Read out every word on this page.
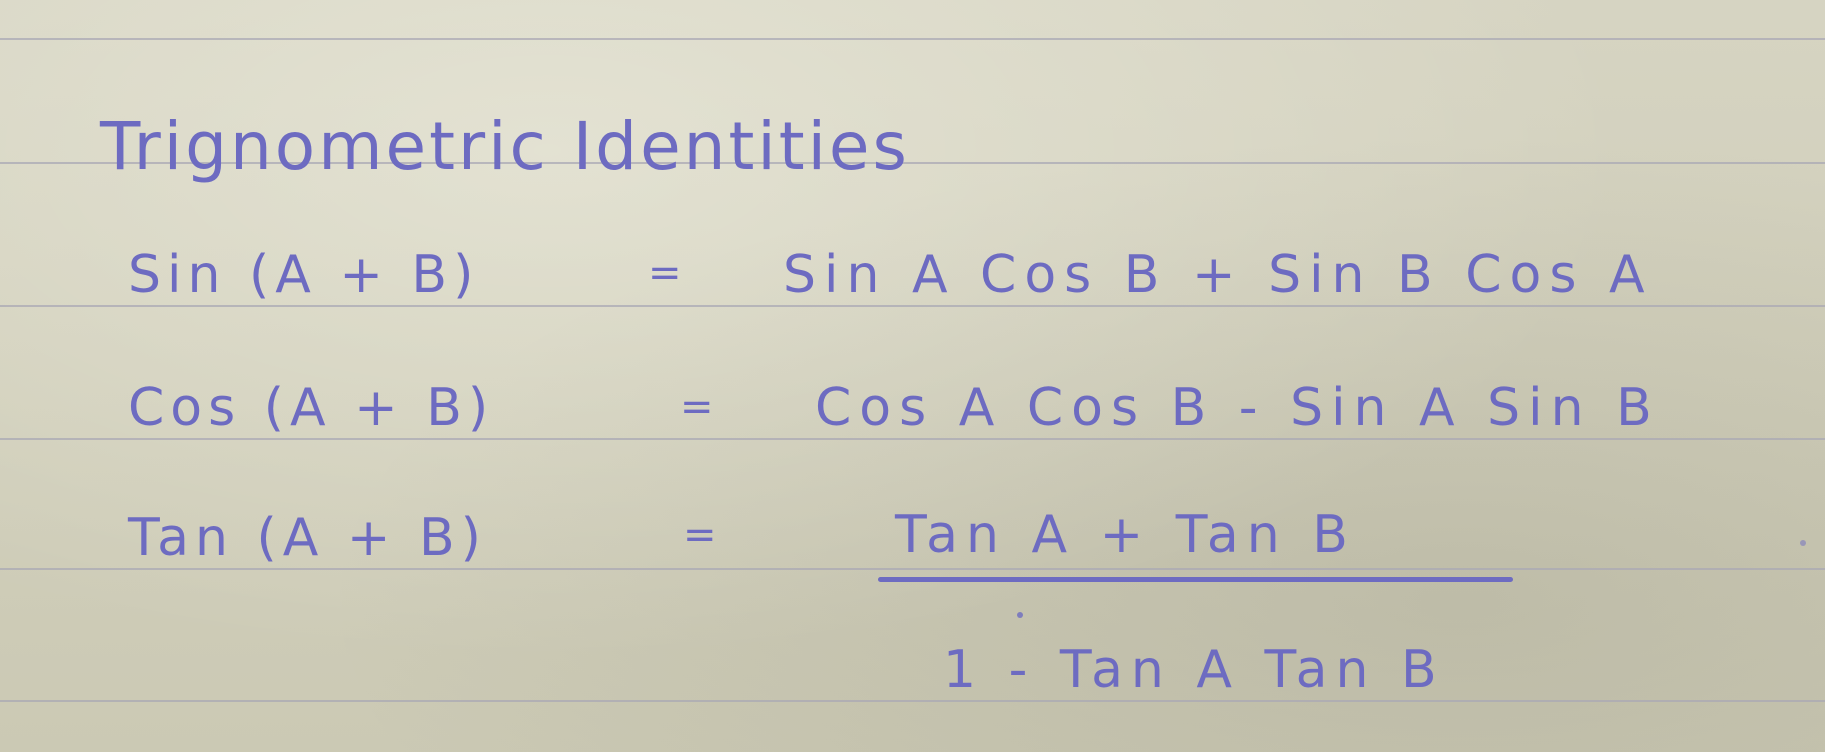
Trignometric Identities
Sin (A + B)	= Sin A Cos B + Sin B Cos A
Cos (A + B)	= Cos A Cos B - Sin A Sin B
Tan (A + B)	=	Tan A + Tan B
1 - Tan A Tan B
